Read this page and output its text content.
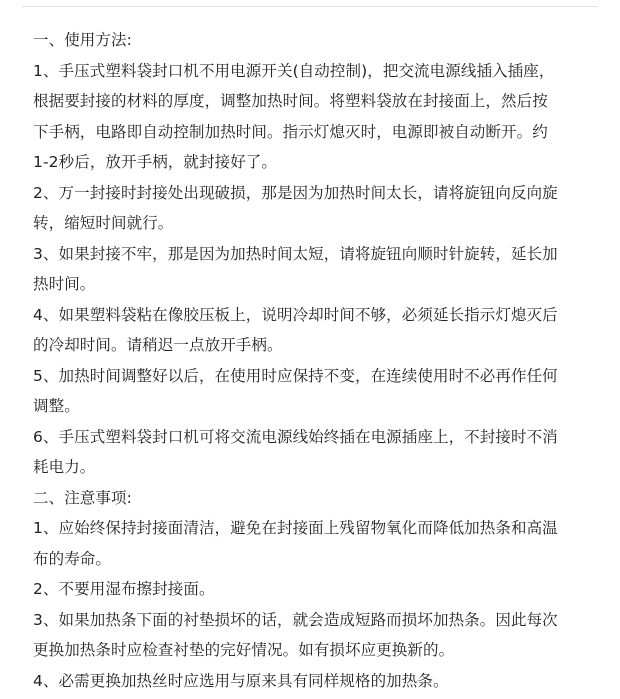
一、使用方法:
1、手压式塑料袋封口机不用电源开关(自动控制)，把交流电源线插入插座，
根据要封接的材料的厚度，调整加热时间。将塑料袋放在封接面上，然后按
下手柄，电路即自动控制加热时间。指示灯熄灭时，电源即被自动断开。约
1-2秒后，放开手柄，就封接好了。
2、万一封接时封接处出现破损，那是因为加热时间太长，请将旋钮向反向旋
转，缩短时间就行。
3、如果封接不牢，那是因为加热时间太短，请将旋钮向顺时针旋转，延长加
热时间。
4、如果塑料袋粘在像胶压板上，说明冷却时间不够，必须延长指示灯熄灭后
的冷却时间。请稍迟一点放开手柄。
5、加热时间调整好以后，在使用时应保持不变，在连续使用时不必再作任何
调整。
6、手压式塑料袋封口机可将交流电源线始终插在电源插座上，不封接时不消
耗电力。
二、注意事项:
1、应始终保持封接面清洁，避免在封接面上残留物氧化而降低加热条和高温
布的寿命。
2、不要用湿布擦封接面。
3、如果加热条下面的衬垫损坏的话，就会造成短路而损坏加热条。因此每次
更换加热条时应检查衬垫的完好情况。如有损坏应更换新的。
4、必需更换加热丝时应选用与原来具有同样规格的加热条。
